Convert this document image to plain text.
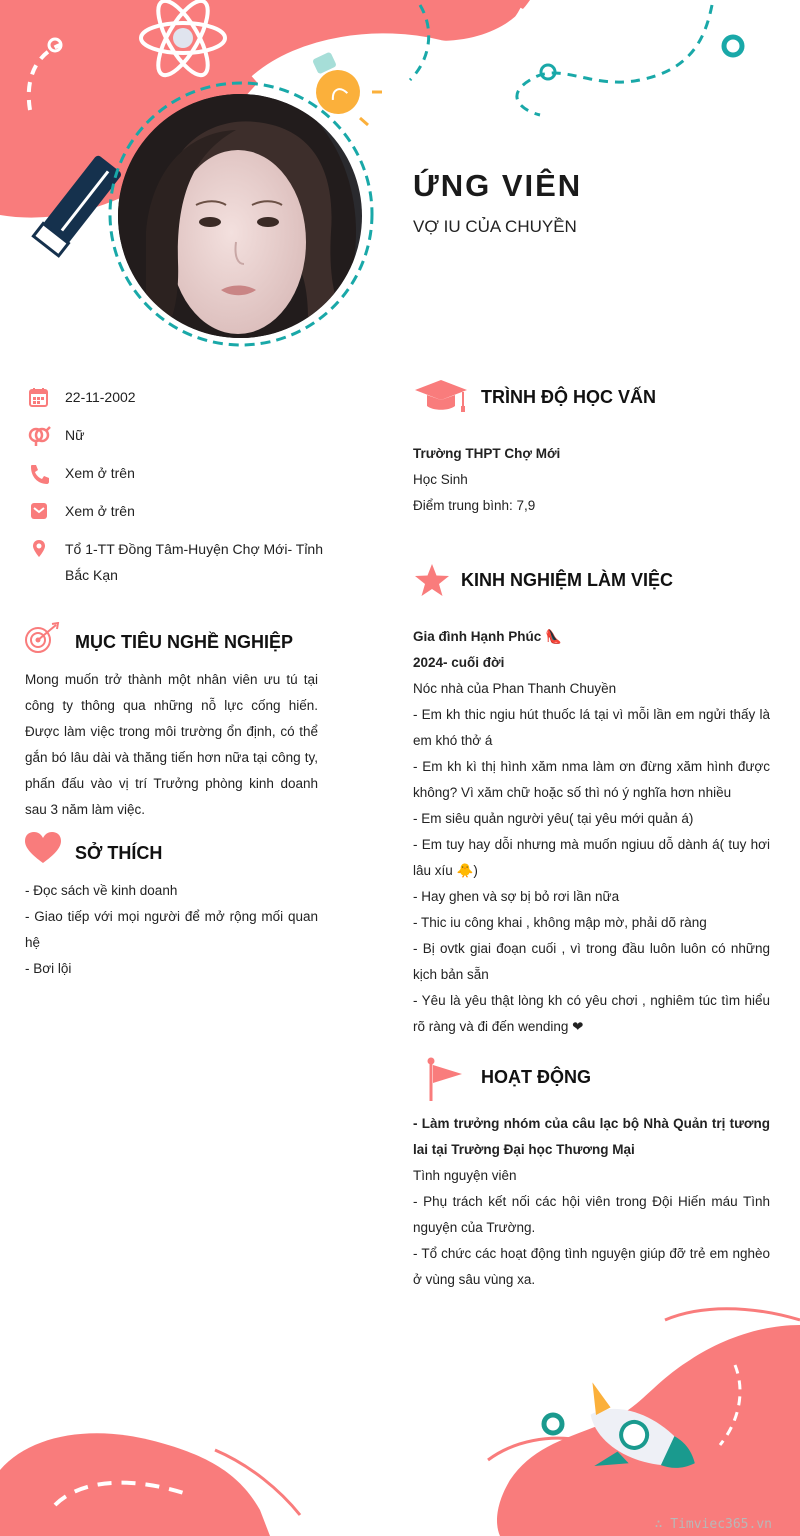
ỨNG VIÊN
VỢ IU CỦA CHUYỀN
22-11-2002
Nữ
Xem ở trên
Xem ở trên
Tổ 1-TT Đồng Tâm-Huyện Chợ Mới- Tỉnh Bắc Kạn
MỤC TIÊU NGHỀ NGHIỆP
Mong muốn trở thành một nhân viên ưu tú tại công ty thông qua những nỗ lực cống hiến. Được làm việc trong môi trường ổn định, có thể gắn bó lâu dài và thăng tiến hơn nữa tại công ty, phấn đấu vào vị trí Trưởng phòng kinh doanh sau 3 năm làm việc.
SỞ THÍCH
- Đọc sách về kinh doanh
- Giao tiếp với mọi người để mở rộng mối quan hệ
- Bơi lội
TRÌNH ĐỘ HỌC VẤN
Trường THPT Chợ Mới
Học Sinh
Điểm trung bình: 7,9
KINH NGHIỆM LÀM VIỆC
Gia đình Hạnh Phúc 👠
2024- cuối đời
Nóc nhà của Phan Thanh Chuyền
- Em kh thic ngiu hút thuốc lá tại vì mỗi lần em ngửi thấy là em khó thở á
- Em kh kì thị hình xăm nma làm ơn đừng xăm hình được không? Vì xăm chữ hoặc số thì nó ý nghĩa hơn nhiều
- Em siêu quản người yêu( tại yêu mới quản á)
- Em tuy hay dỗi nhưng mà muốn ngiuu dỗ dành á( tuy hơi lâu xíu 🐥)
- Hay ghen và sợ bị bỏ rơi lần nữa
- Thic iu công khai , không mập mờ, phải dõ ràng
- Bị ovtk giai đoạn cuối , vì trong đầu luôn luôn có những kịch bản sẵn
- Yêu là yêu thật lòng kh có yêu chơi , nghiêm túc tìm hiểu rõ ràng và đi đến wending ❤
HOẠT ĐỘNG
- Làm trưởng nhóm của câu lạc bộ Nhà Quản trị tương lai tại Trường Đại học Thương Mại
Tình nguyện viên
- Phụ trách kết nối các hội viên trong Đội Hiến máu Tình nguyện của Trường.
- Tổ chức các hoạt động tình nguyện giúp đỡ trẻ em nghèo ở vùng sâu vùng xa.
∴ Timviec365.vn
